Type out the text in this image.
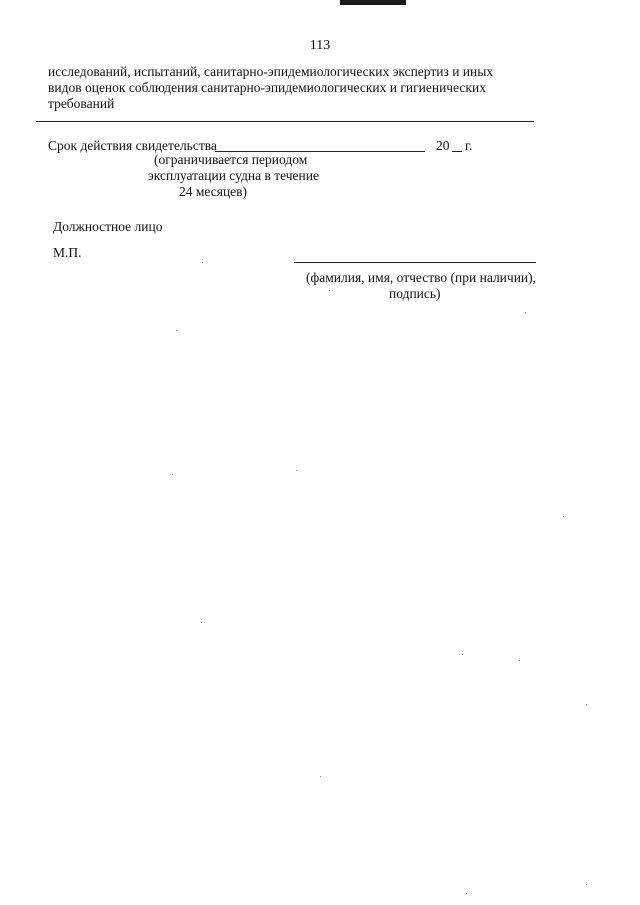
113
исследований, испытаний, санитарно-эпидемиологических экспертиз и иных
видов оценок соблюдения санитарно-эпидемиологических и гигиенических
требований
Срок действия свидетельства	20 г.
(ограничивается периодом
эксплуатации судна в течение
24 месяцев)
Должностное лицо
М.П.
(фамилия, имя, отчество (при наличии),
подпись)
